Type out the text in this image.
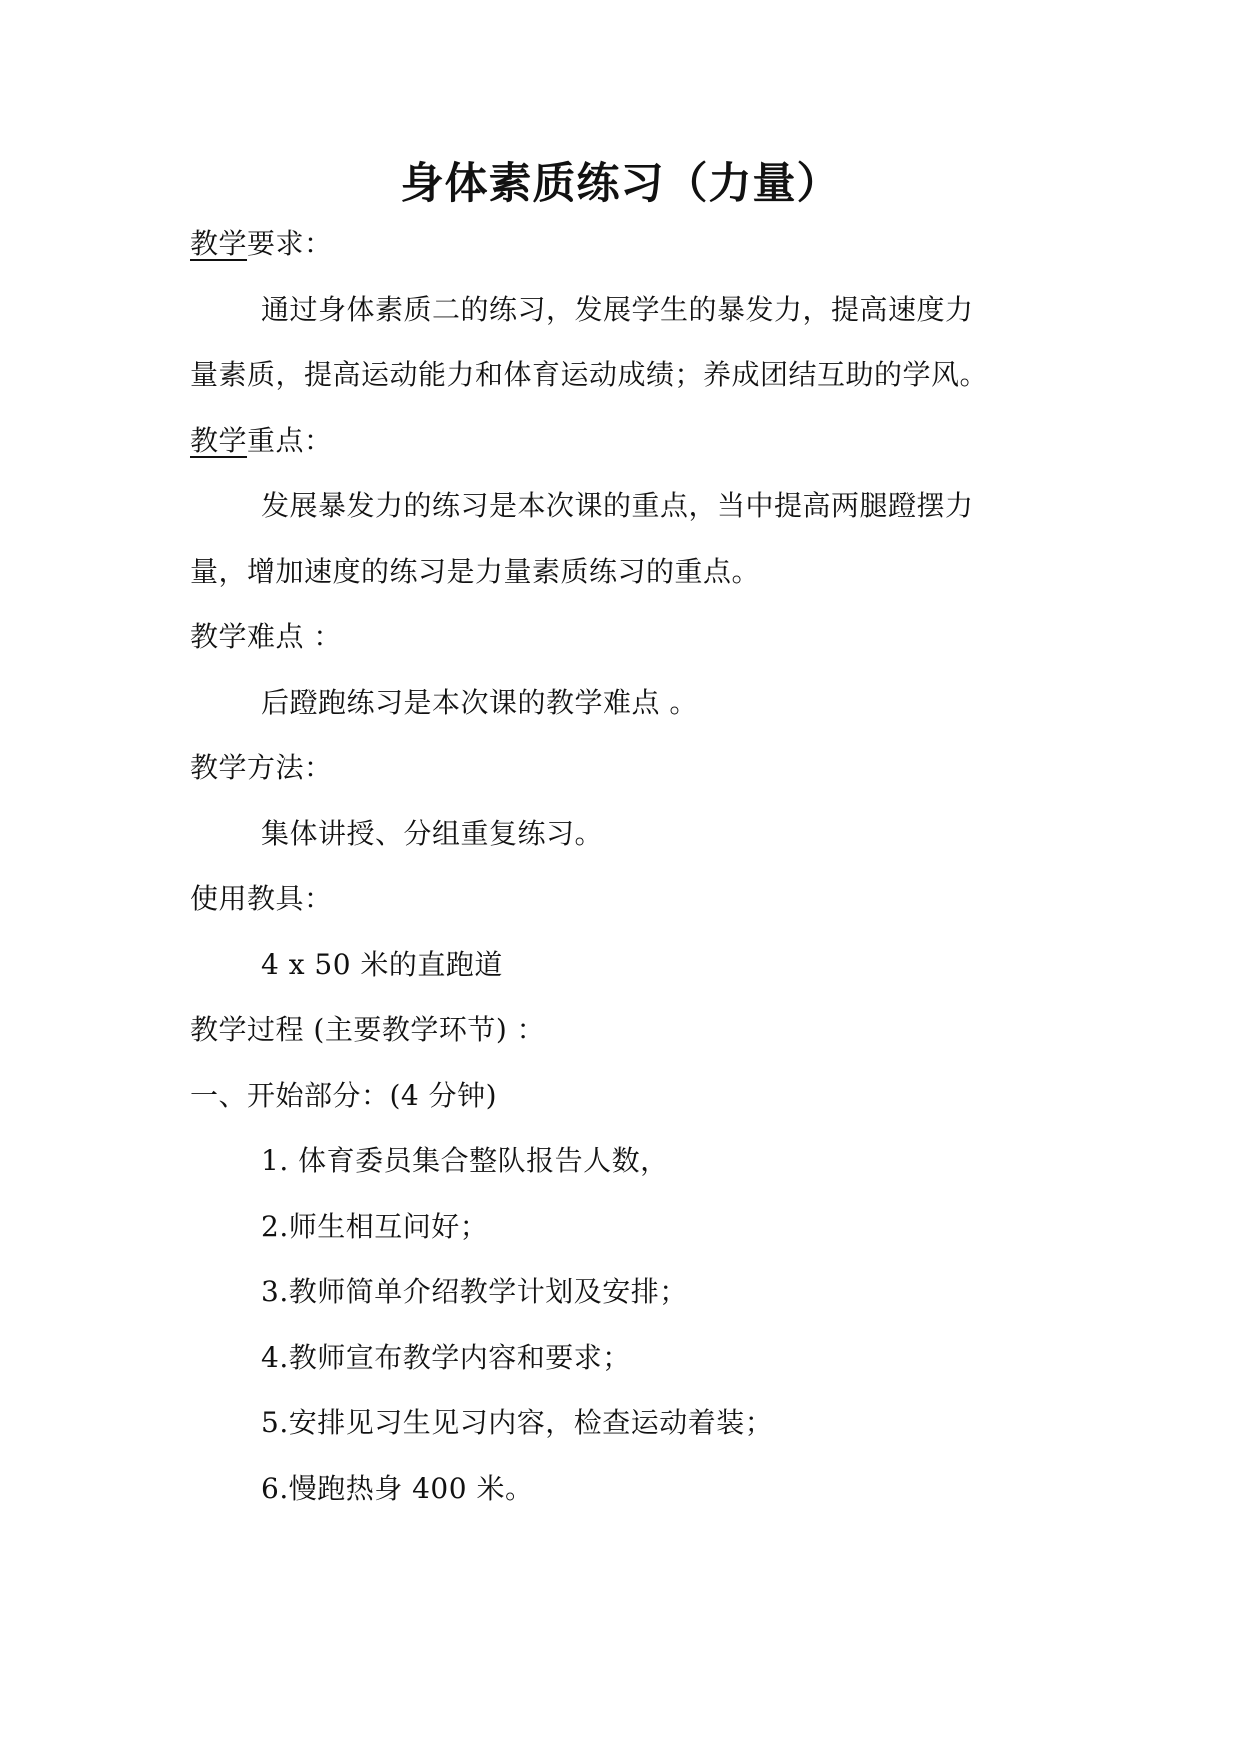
身体素质练习（力量）
教学要求：
通过身体素质二的练习，发展学生的暴发力，提高速度力
量素质，提高运动能力和体育运动成绩；养成团结互助的学风。
教学重点：
发展暴发力的练习是本次课的重点，当中提高两腿蹬摆力
量，增加速度的练习是力量素质练习的重点。
教学难点 ：
后蹬跑练习是本次课的教学难点 。
教学方法：
集体讲授、分组重复练习。
使用教具：
4 x 50 米的直跑道
教学过程 (主要教学环节) ：
一、开始部分：(4 分钟)
1. 体育委员集合整队报告人数，
2.师生相互问好；
3.教师简单介绍教学计划及安排；
4.教师宣布教学内容和要求；
5.安排见习生见习内容，检查运动着装；
6.慢跑热身 400 米。
